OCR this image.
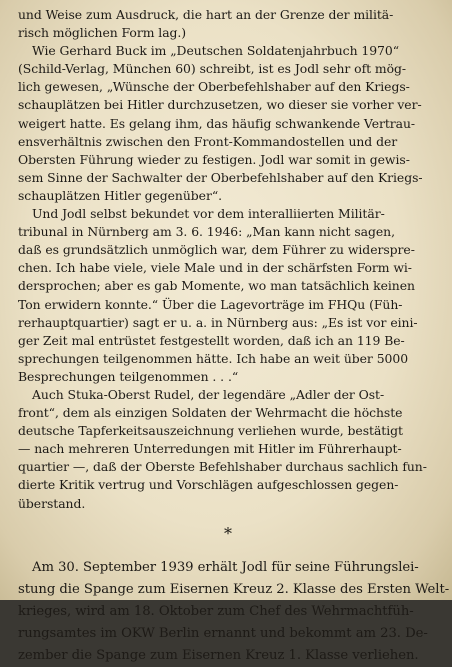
und Weise zum Ausdruck, die hart an der Grenze der militä-
risch möglichen Form lag.)

Wie Gerhard Buck im „Deutschen Soldatenjahrbuch 1970“
(Schild-Verlag, München 60) schreibt, ist es Jodl sehr oft mög-
lich gewesen, „Wünsche der Oberbefehlshaber auf den Kriegs-
schauplätzen bei Hitler durchzusetzen, wo dieser sie vorher ver-
weigert hatte. Es gelang ihm, das häufig schwankende Vertrau-
ensverhältnis zwischen den Front-Kommandostellen und der
Obersten Führung wieder zu festigen. Jodl war somit in gewis-
sem Sinne der Sachwalter der Oberbefehlshaber auf den Kriegs-
schauplätzen Hitler gegenüber“.

Und Jodl selbst bekundet vor dem interalliierten Militär-
tribunal in Nürnberg am 3. 6. 1946: „Man kann nicht sagen,
daß es grundsätzlich unmöglich war, dem Führer zu widerspre-
chen. Ich habe viele, viele Male und in der schärfsten Form wi-
dersprochen; aber es gab Momente, wo man tatsächlich keinen
Ton erwidern konnte.“ Über die Lagevorträge im FHQu (Füh-
rerhauptquartier) sagt er u. a. in Nürnberg aus: „Es ist vor eini-
ger Zeit mal entrüstet festgestellt worden, daß ich an 119 Be-
sprechungen teilgenommen hätte. Ich habe an weit über 5000
Besprechungen teilgenommen . . .“

Auch Stuka-Oberst Rudel, der legendäre „Adler der Ost-
front“, dem als einzigen Soldaten der Wehrmacht die höchste
deutsche Tapferkeitsauszeichnung verliehen wurde, bestätigt
— nach mehreren Unterredungen mit Hitler im Führerhaupt-
quartier —, daß der Oberste Befehlshaber durchaus sachlich fun-
dierte Kritik vertrug und Vorschlägen aufgeschlossen gegen-
überstand.

*

Am 30. September 1939 erhält Jodl für seine Führungslei-
stung die Spange zum Eisernen Kreuz 2. Klasse des Ersten Welt-
krieges, wird am 18. Oktober zum Chef des Wehrmachtfüh-
rungsamtes im OKW Berlin ernannt und bekommt am 23. De-
zember die Spange zum Eisernen Kreuz 1. Klasse verliehen.
